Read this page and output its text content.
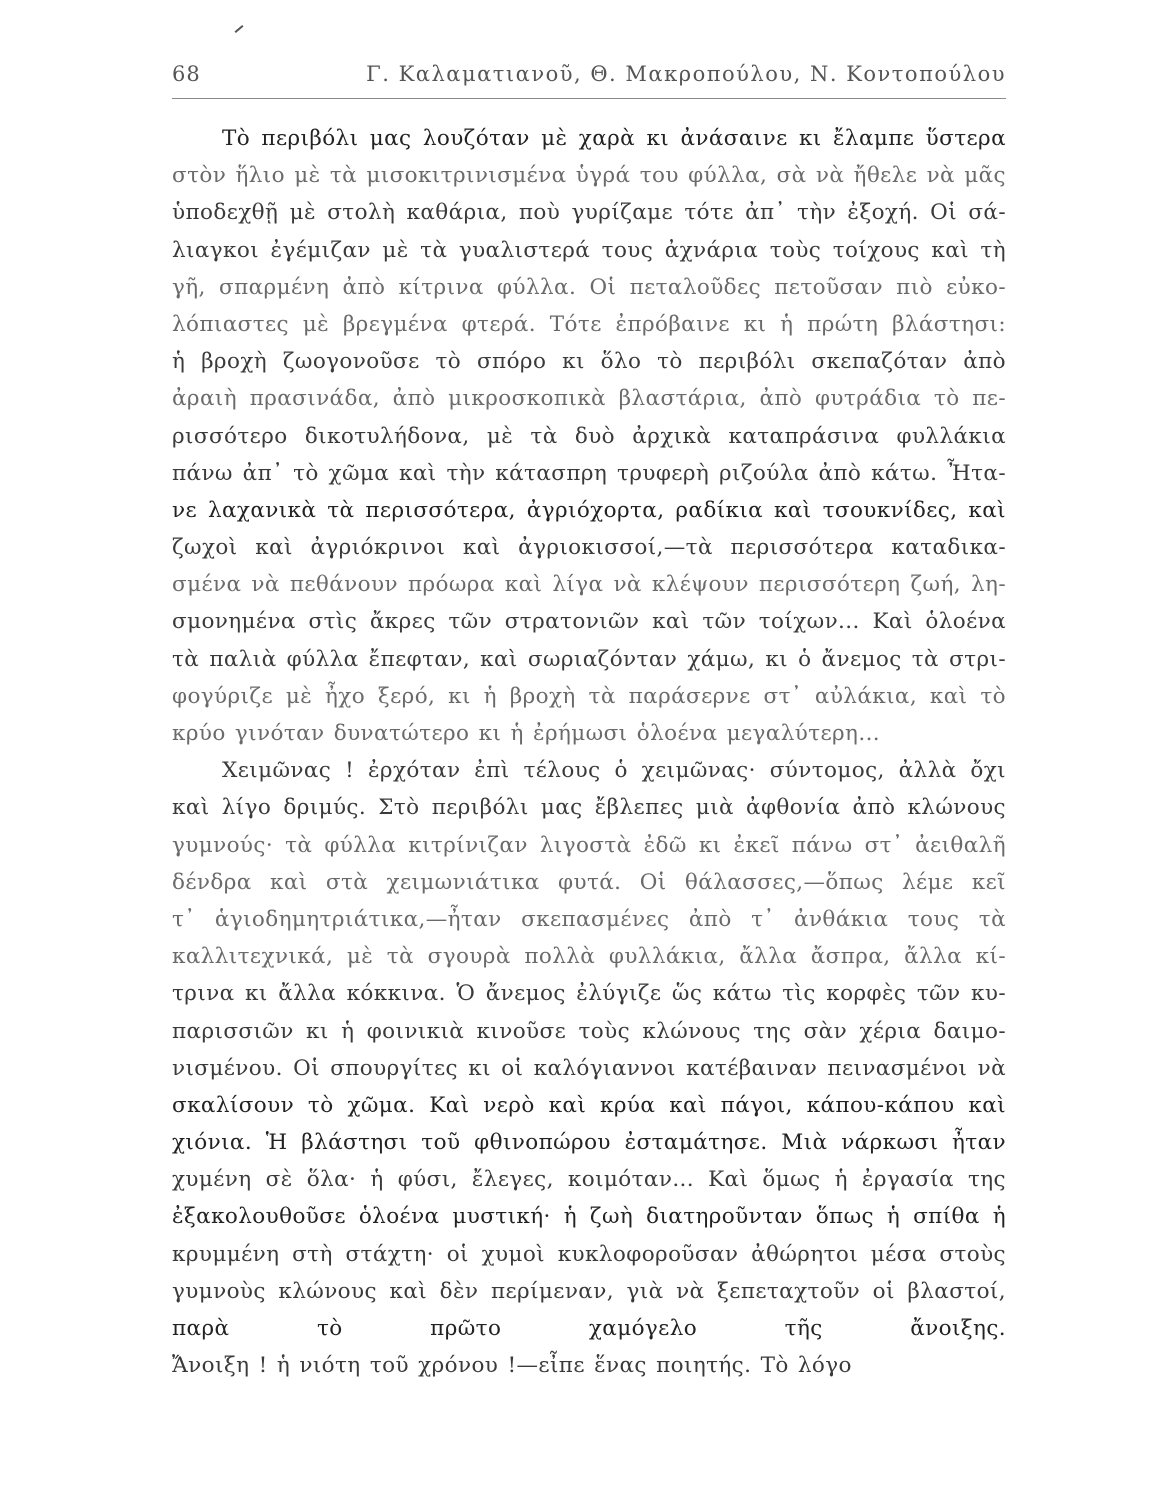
68	Γ. Καλαματιανοῦ, Θ. Μακροπούλου, Ν. Κοντοπούλου
Τὸ περιβόλι μας λουζόταν μὲ χαρὰ κι ἀνάσαινε κι ἔλαμπε ὕστερα
στὸν ἥλιο μὲ τὰ μισοκιτρινισμένα ὑγρά του φύλλα, σὰ νὰ ἤθελε νὰ μᾶς
ὑποδεχθῇ μὲ στολὴ καθάρια, ποὺ γυρίζαμε τότε ἀπ᾽ τὴν ἐξοχή. Οἱ σά-
λιαγκοι ἐγέμιζαν μὲ τὰ γυαλιστερά τους ἀχνάρια τοὺς τοίχους καὶ τὴ
γῆ, σπαρμένη ἀπὸ κίτρινα φύλλα. Οἱ πεταλοῦδες πετοῦσαν πιὸ εὐκο-
λόπιαστες μὲ βρεγμένα φτερά. Τότε ἐπρόβαινε κι ἡ πρώτη βλάστησι:
ἡ βροχὴ ζωογονοῦσε τὸ σπόρο κι ὅλο τὸ περιβόλι σκεπαζόταν ἀπὸ
ἀραιὴ πρασινάδα, ἀπὸ μικροσκοπικὰ βλαστάρια, ἀπὸ φυτράδια τὸ πε-
ρισσότερο δικοτυλήδονα, μὲ τὰ δυὸ ἀρχικὰ καταπράσινα φυλλάκια
πάνω ἀπ᾽ τὸ χῶμα καὶ τὴν κάτασπρη τρυφερὴ ριζούλα ἀπὸ κάτω. Ἦτα-
νε λαχανικὰ τὰ περισσότερα, ἀγριόχορτα, ραδίκια καὶ τσουκνίδες, καὶ
ζωχοὶ καὶ ἀγριόκρινοι καὶ ἀγριοκισσοί,—τὰ περισσότερα καταδικα-
σμένα νὰ πεθάνουν πρόωρα καὶ λίγα νὰ κλέψουν περισσότερη ζωή, λη-
σμονημένα στὶς ἄκρες τῶν στρατονιῶν καὶ τῶν τοίχων... Καὶ ὁλοένα
τὰ παλιὰ φύλλα ἔπεφταν, καὶ σωριαζόνταν χάμω, κι ὁ ἄνεμος τὰ στρι-
φογύριζε μὲ ἦχο ξερό, κι ἡ βροχὴ τὰ παράσερνε στ᾽ αὐλάκια, καὶ τὸ
κρύο γινόταν δυνατώτερο κι ἡ ἐρήμωσι ὁλοένα μεγαλύτερη...
Χειμῶνας ! ἐρχόταν ἐπὶ τέλους ὁ χειμῶνας· σύντομος, ἀλλὰ ὄχι
καὶ λίγο δριμύς. Στὸ περιβόλι μας ἔβλεπες μιὰ ἀφθονία ἀπὸ κλώνους
γυμνούς· τὰ φύλλα κιτρίνιζαν λιγοστὰ ἐδῶ κι ἐκεῖ πάνω στ᾽ ἀειθαλῆ
δένδρα καὶ στὰ χειμωνιάτικα φυτά. Οἱ θάλασσες,—ὅπως λέμε κεῖ
τ᾽ ἁγιοδημητριάτικα,—ἦταν σκεπασμένες ἀπὸ τ᾽ ἀνθάκια τους τὰ
καλλιτεχνικά, μὲ τὰ σγουρὰ πολλὰ φυλλάκια, ἄλλα ἄσπρα, ἄλλα κί-
τρινα κι ἄλλα κόκκινα. Ὁ ἄνεμος ἐλύγιζε ὥς κάτω τὶς κορφὲς τῶν κυ-
παρισσιῶν κι ἡ φοινικιὰ κινοῦσε τοὺς κλώνους της σὰν χέρια δαιμο-
νισμένου. Οἱ σπουργίτες κι οἱ καλόγιαννοι κατέβαιναν πεινασμένοι νὰ
σκαλίσουν τὸ χῶμα. Καὶ νερὸ καὶ κρύα καὶ πάγοι, κάπου-κάπου καὶ
χιόνια. Ἡ βλάστησι τοῦ φθινοπώρου ἐσταμάτησε. Μιὰ νάρκωσι ἦταν
χυμένη σὲ ὅλα· ἡ φύσι, ἔλεγες, κοιμόταν... Καὶ ὅμως ἡ ἐργασία της
ἐξακολουθοῦσε ὁλοένα μυστική· ἡ ζωὴ διατηροῦνταν ὅπως ἡ σπίθα ἡ
κρυμμένη στὴ στάχτη· οἱ χυμοὶ κυκλοφοροῦσαν ἀθώρητοι μέσα στοὺς
γυμνοὺς κλώνους καὶ δὲν περίμεναν, γιὰ νὰ ξεπεταχτοῦν οἱ βλαστοί,
παρὰ τὸ πρῶτο χαμόγελο τῆς ἄνοιξης.
Ἄνοιξη ! ἡ νιότη τοῦ χρόνου !—εἶπε ἕνας ποιητής. Τὸ λόγο
